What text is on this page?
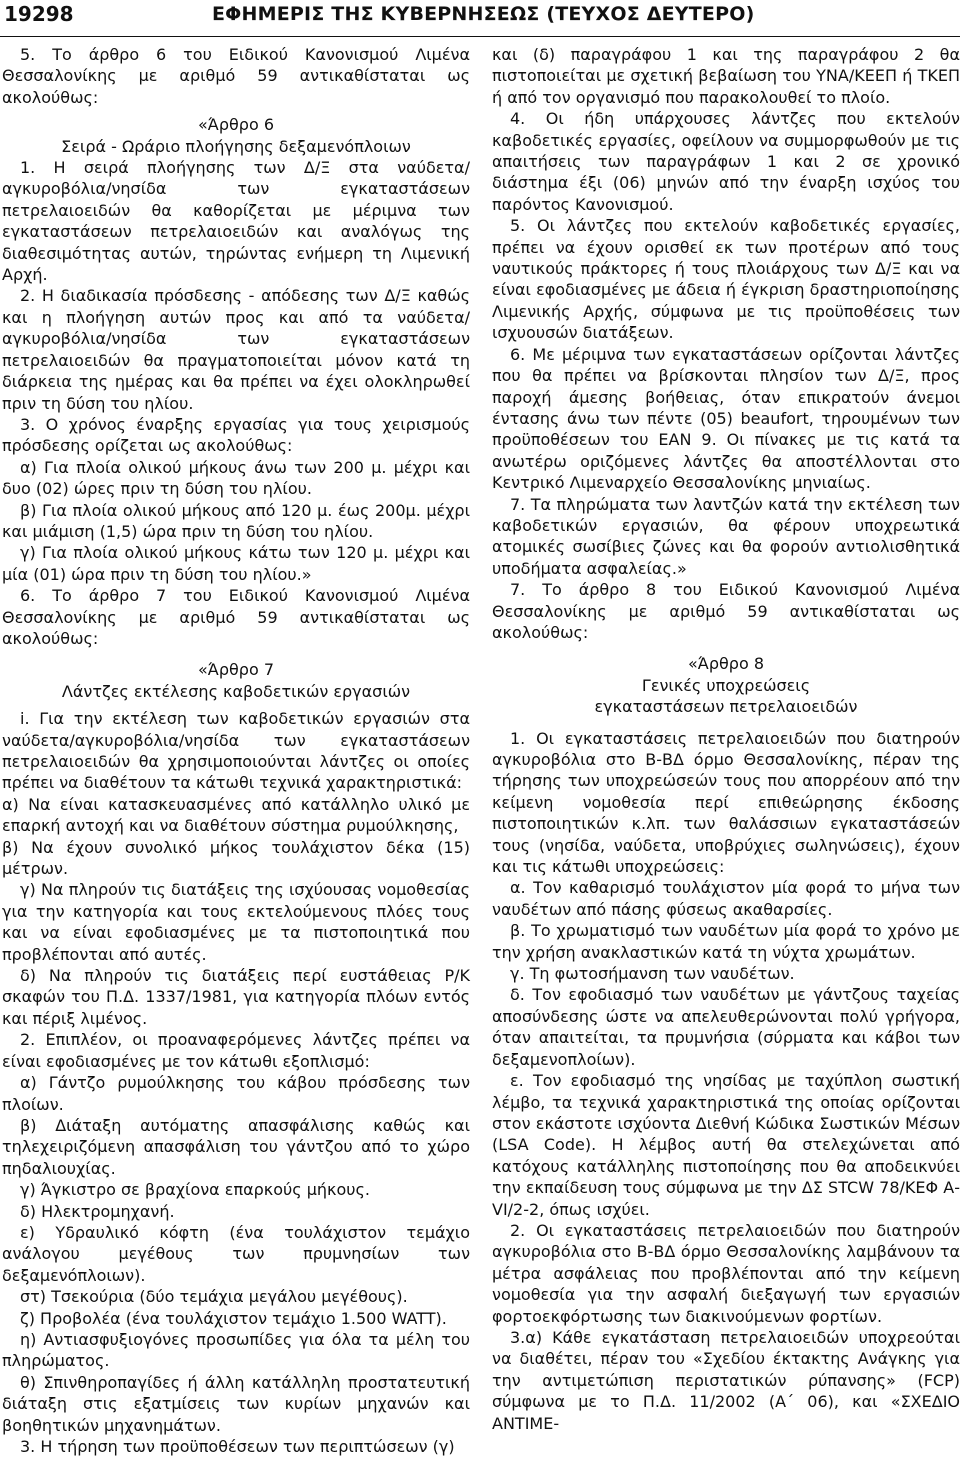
19298	ΕΦΗΜΕΡΙΣ ΤΗΣ ΚΥΒΕΡΝΗΣΕΩΣ (ΤΕΥΧΟΣ ΔΕΥΤΕΡΟ)

5. Το άρθρο 6 του Ειδικού Κανονισμού Λιμένα Θεσσαλονίκης με αριθμό 59 αντικαθίσταται ως ακολούθως:

«Άρθρο 6

Σειρά - Ωράριο πλοήγησης δεξαμενόπλοιων

1. Η σειρά πλοήγησης των Δ/Ξ στα ναύδετα/αγκυροβόλια/νησίδα των εγκαταστάσεων πετρελαιοειδών θα καθορίζεται με μέριμνα των εγκαταστάσεων πετρελαιοειδών και αναλόγως της διαθεσιμότητας αυτών, τηρώντας ενήμερη τη Λιμενική Αρχή.

2. Η διαδικασία πρόσδεσης - απόδεσης των Δ/Ξ καθώς και η πλοήγηση αυτών προς και από τα ναύδετα/αγκυροβόλια/νησίδα των εγκαταστάσεων πετρελαιοειδών θα πραγματοποιείται μόνον κατά τη διάρκεια της ημέρας και θα πρέπει να έχει ολοκληρωθεί πριν τη δύση του ηλίου.

3. Ο χρόνος έναρξης εργασίας για τους χειρισμούς πρόσδεσης ορίζεται ως ακολούθως:

α) Για πλοία ολικού μήκους άνω των 200 μ. μέχρι και δυο (02) ώρες πριν τη δύση του ηλίου.

β) Για πλοία ολικού μήκους από 120 μ. έως 200μ. μέχρι και μιάμιση (1,5) ώρα πριν τη δύση του ηλίου.

γ) Για πλοία ολικού μήκους κάτω των 120 μ. μέχρι και μία (01) ώρα πριν τη δύση του ηλίου.»

6. Το άρθρο 7 του Ειδικού Κανονισμού Λιμένα Θεσσαλονίκης με αριθμό 59 αντικαθίσταται ως ακολούθως:

«Άρθρο 7

Λάντζες εκτέλεσης καβοδετικών εργασιών

i. Για την εκτέλεση των καβοδετικών εργασιών στα ναύδετα/αγκυροβόλια/νησίδα των εγκαταστάσεων πετρελαιοειδών θα χρησιμοποιούνται λάντζες οι οποίες πρέπει να διαθέτουν τα κάτωθι τεχνικά χαρακτηριστικά:

α) Να είναι κατασκευασμένες από κατάλληλο υλικό με επαρκή αντοχή και να διαθέτουν σύστημα ρυμούλκησης,

β) Να έχουν συνολικό μήκος τουλάχιστον δέκα (15) μέτρων.

γ) Να πληρούν τις διατάξεις της ισχύουσας νομοθεσίας για την κατηγορία και τους εκτελούμενους πλόες τους και να είναι εφοδιασμένες με τα πιστοποιητικά που προβλέπονται από αυτές.

δ) Να πληρούν τις διατάξεις περί ευστάθειας Ρ/Κ σκαφών του Π.Δ. 1337/1981, για κατηγορία πλόων εντός και πέριξ λιμένος.

2. Επιπλέον, οι προαναφερόμενες λάντζες πρέπει να είναι εφοδιασμένες με τον κάτωθι εξοπλισμό:

α) Γάντζο ρυμούλκησης του κάβου πρόσδεσης των πλοίων.

β) Διάταξη αυτόματης απασφάλισης καθώς και τηλεχειριζόμενη απασφάλιση του γάντζου από το χώρο πηδαλιουχίας.

γ) Άγκιστρο σε βραχίονα επαρκούς μήκους.

δ) Ηλεκτρομηχανή.

ε) Υδραυλικό κόφτη (ένα τουλάχιστον τεμάχιο ανάλογου μεγέθους των πρυμνησίων των δεξαμενόπλοιων).

στ) Τσεκούρια (δύο τεμάχια μεγάλου μεγέθους).

ζ) Προβολέα (ένα τουλάχιστον τεμάχιο 1.500 WATT).

η) Αντιασφυξιογόνες προσωπίδες για όλα τα μέλη του πληρώματος.

θ) Σπινθηροπαγίδες ή άλλη κατάλληλη προστατευτική διάταξη στις εξατμίσεις των κυρίων μηχανών και βοηθητικών μηχανημάτων.

3. Η τήρηση των προϋποθέσεων των περιπτώσεων (γ)

και (δ) παραγράφου 1 και της παραγράφου 2 θα πιστοποιείται με σχετική βεβαίωση του ΥΝΑ/ΚΕΕΠ ή ΤΚΕΠ ή από τον οργανισμό που παρακολουθεί το πλοίο.

4. Οι ήδη υπάρχουσες λάντζες που εκτελούν καβοδετικές εργασίες, οφείλουν να συμμορφωθούν με τις απαιτήσεις των παραγράφων 1 και 2 σε χρονικό διάστημα έξι (06) μηνών από την έναρξη ισχύος του παρόντος Κανονισμού.

5. Οι λάντζες που εκτελούν καβοδετικές εργασίες, πρέπει να έχουν ορισθεί εκ των προτέρων από τους ναυτικούς πράκτορες ή τους πλοιάρχους των Δ/Ξ και να είναι εφοδιασμένες με άδεια ή έγκριση δραστηριοποίησης Λιμενικής Αρχής, σύμφωνα με τις προϋποθέσεις των ισχυουσών διατάξεων.

6. Με μέριμνα των εγκαταστάσεων ορίζονται λάντζες που θα πρέπει να βρίσκονται πλησίον των Δ/Ξ, προς παροχή άμεσης βοήθειας, όταν επικρατούν άνεμοι έντασης άνω των πέντε (05) beaufort, τηρουμένων των προϋποθέσεων του ΕΑΝ 9. Οι πίνακες με τις κατά τα ανωτέρω οριζόμενες λάντζες θα αποστέλλονται στο Κεντρικό Λιμεναρχείο Θεσσαλονίκης μηνιαίως.

7. Τα πληρώματα των λαντζών κατά την εκτέλεση των καβοδετικών εργασιών, θα φέρουν υποχρεωτικά ατομικές σωσίβιες ζώνες και θα φορούν αντιολισθητικά υποδήματα ασφαλείας.»

7. Το άρθρο 8 του Ειδικού Κανονισμού Λιμένα Θεσσαλονίκης με αριθμό 59 αντικαθίσταται ως ακολούθως:

«Άρθρο 8

Γενικές υποχρεώσεις

εγκαταστάσεων πετρελαιοειδών

1. Οι εγκαταστάσεις πετρελαιοειδών που διατηρούν αγκυροβόλια στο Β-ΒΔ όρμο Θεσσαλονίκης, πέραν της τήρησης των υποχρεώσεών τους που απορρέουν από την κείμενη νομοθεσία περί επιθεώρησης έκδοσης πιστοποιητικών κ.λπ. των θαλάσσιων εγκαταστάσεών τους (νησίδα, ναύδετα, υποβρύχιες σωληνώσεις), έχουν και τις κάτωθι υποχρεώσεις:

α. Τον καθαρισμό τουλάχιστον μία φορά το μήνα των ναυδέτων από πάσης φύσεως ακαθαρσίες.

β. Το χρωματισμό των ναυδέτων μία φορά το χρόνο με την χρήση ανακλαστικών κατά τη νύχτα χρωμάτων.

γ. Τη φωτοσήμανση των ναυδέτων.

δ. Τον εφοδιασμό των ναυδέτων με γάντζους ταχείας αποσύνδεσης ώστε να απελευθερώνονται πολύ γρήγορα, όταν απαιτείται, τα πρυμνήσια (σύρματα και κάβοι των δεξαμενοπλοίων).

ε. Τον εφοδιασμό της νησίδας με ταχύπλοη σωστική λέμβο, τα τεχνικά χαρακτηριστικά της οποίας ορίζονται στον εκάστοτε ισχύοντα Διεθνή Κώδικα Σωστικών Μέσων (LSA Code). Η λέμβος αυτή θα στελεχώνεται από κατόχους κατάλληλης πιστοποίησης που θα αποδεικνύει την εκπαίδευση τους σύμφωνα με την ΔΣ STCW 78/ΚΕΦ Α-VI/2-2, όπως ισχύει.

2. Οι εγκαταστάσεις πετρελαιοειδών που διατηρούν αγκυροβόλια στο Β-ΒΔ όρμο Θεσσαλονίκης λαμβάνουν τα μέτρα ασφάλειας που προβλέπονται από την κείμενη νομοθεσία για την ασφαλή διεξαγωγή των εργασιών φορτοεκφόρτωσης των διακινούμενων φορτίων.

3.α) Κάθε εγκατάσταση πετρελαιοειδών υποχρεούται να διαθέτει, πέραν του «Σχεδίου έκτακτης Ανάγκης για την αντιμετώπιση περιστατικών ρύπανσης» (FCP) σύμφωνα με το Π.Δ. 11/2002 (Α΄ 06), και «ΣΧΕΔΙΟ ΑΝΤΙΜΕ-
